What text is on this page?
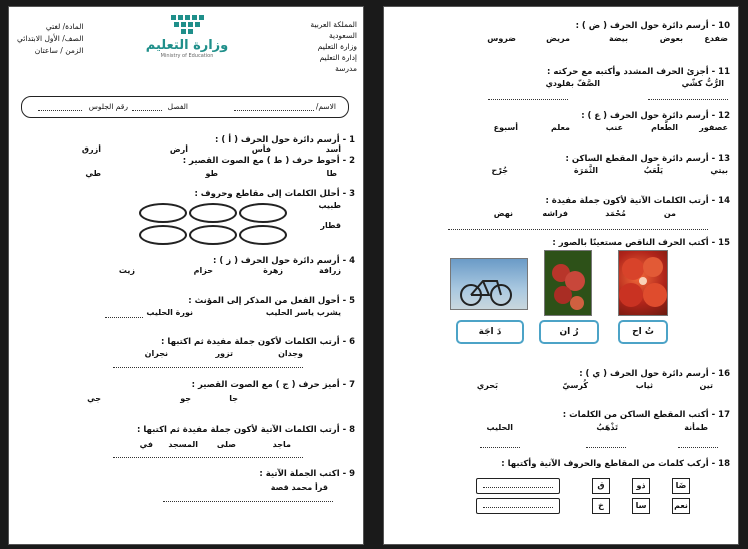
المملكة العربية
السعودية
وزارة التعليم
إدارة التعليم
مدرسة
وزارة التعليم
Ministry of Education
المادة/ لغتي
الصف/ الأول الابتدائي
الزمن / ساعتان
الاسم/
الفصل
رقم الجلوس
1 - أرسم دائرة حول الحرف ( أ ) :
أسد
فأس
أرض
أزرق
2 - أحوط حرف ( ط ) مع الصوت القصير :
طا
طو
طي
3 - أحلل الكلمات إلى مقاطع وحروف :
طبيب
قطار
4 - أرسم دائرة حول الحرف ( ز ) :
زرافة
زهرة
حزام
زيت
5 - أحول الفعل من المذكر إلى المؤنث :
يشرب ياسر الحليب
نورة الحليب
6 - أرتب الكلمات لأكون جملة مفيدة ثم اكتبها :
وجدان
تزور
نجران
7 - أميز حرف ( ج ) مع الصوت القصير :
جا
جو
جي
8 - أرتب الكلمات الآتية لأكون جملة مفيدة ثم اكتبها :
ماجد
صلى
المسجد
في
9 - اكتب الجملة الآتية :
قرأ محمد قصة
10 - أرسم دائرة حول الحرف ( ض ) :
ضفدع
بعوض
بيضة
مريض
ضروس
11 - أجزئ الحرف المشدد وأكتبه مع حركته :
الرُّبُّ كشّي
الصَّفّ بقلودي
12 - أرسم دائرة حول الحرف ( ع ) :
عصفور
الطَّعام
عنب
معلم
أسبوع
13 - أرسم دائرة حول المقطع الساكن :
بيتي
يَلْعَبُ
الثَّمَرَة
جُرْح
14 - أرتب الكلمات الآتية لأكون جملة مفيدة :
من
مُحْمَد
فراشه
نهض
15 - أكتب الحرف الناقص مستعينًا بالصور :
تُ اح
رُ ان
دَ اجَة
16 - أرسم دائرة حول الحرف ( ي ) :
تين
ثياب
كُرسيّ
بَحري
17 - أكتب المقطع الساكن من الكلمات :
طمأنة
تَذْهَبُ
الحليب
18 - أركب كلمات من المقاطع والحروف الآتية وأكتبها :
ضَا
ذو
ق
نعم
سا
خ
